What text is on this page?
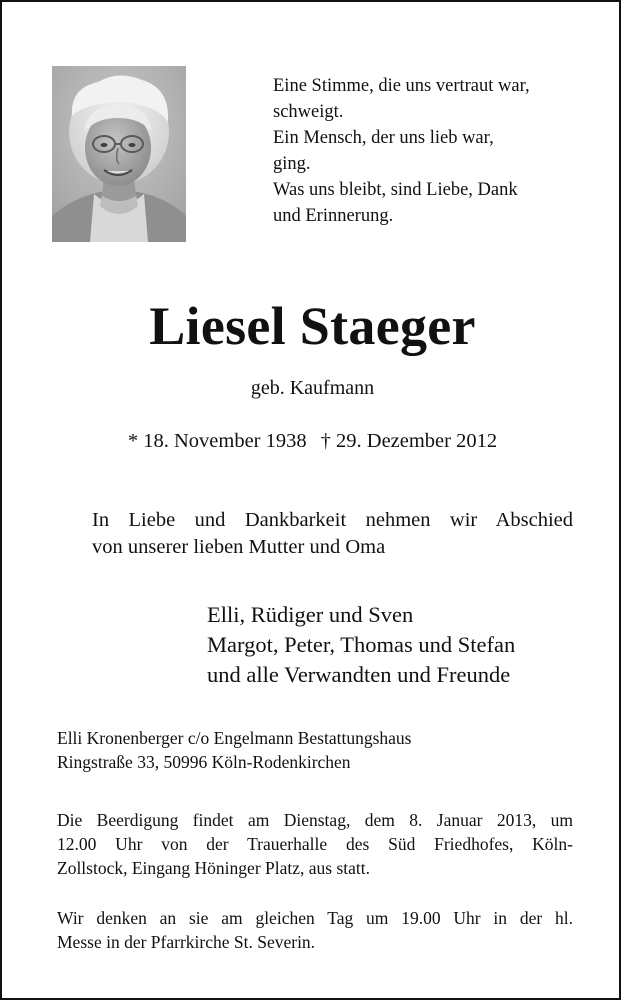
Eine Stimme, die uns vertraut war,
schweigt.
Ein Mensch, der uns lieb war,
ging.
Was uns bleibt, sind Liebe, Dank
und Erinnerung.
Liesel Staeger
geb. Kaufmann
* 18. November 1938 † 29. Dezember 2012
In Liebe und Dankbarkeit nehmen wir Abschied
von unserer lieben Mutter und Oma
Elli, Rüdiger und Sven
Margot, Peter, Thomas und Stefan
und alle Verwandten und Freunde
Elli Kronenberger c/o Engelmann Bestattungshaus
Ringstraße 33, 50996 Köln-Rodenkirchen
Die Beerdigung findet am Dienstag, dem 8. Januar 2013, um
12.00 Uhr von der Trauerhalle des Süd Friedhofes, Köln-
Zollstock, Eingang Höninger Platz, aus statt.
Wir denken an sie am gleichen Tag um 19.00 Uhr in der hl.
Messe in der Pfarrkirche St. Severin.
